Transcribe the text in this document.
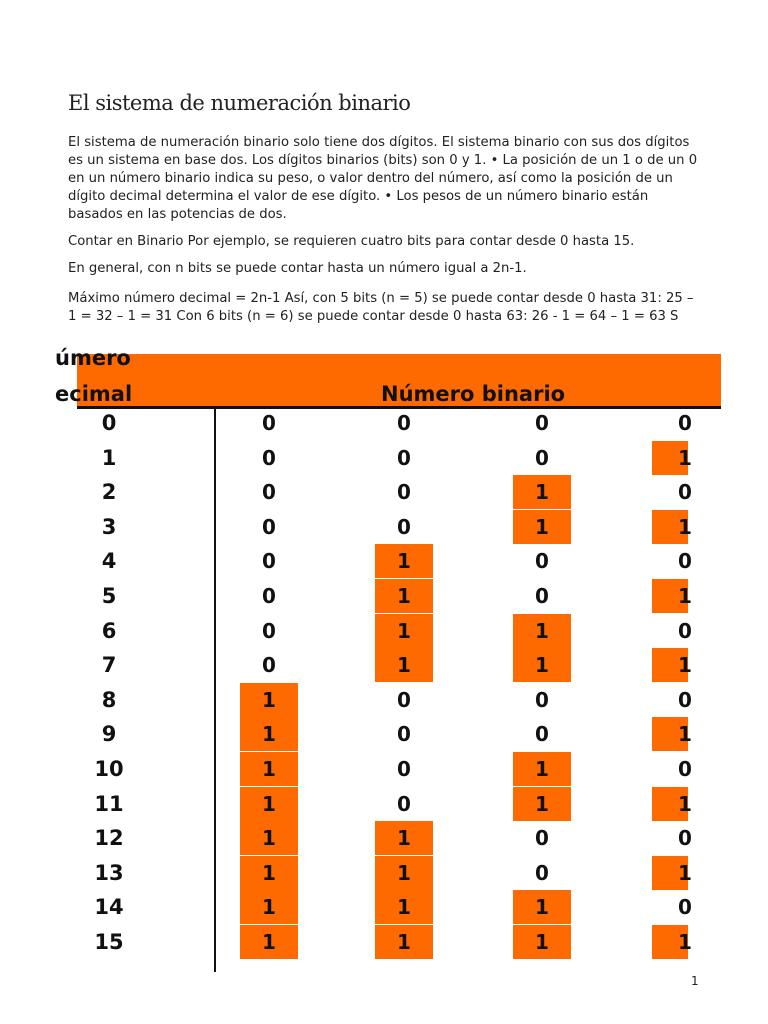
El sistema de numeración binario

El sistema de numeración binario solo tiene dos dígitos. El sistema binario con sus dos dígitos es un sistema en base dos. Los dígitos binarios (bits) son 0 y 1. • La posición de un 1 o de un 0 en un número binario indica su peso, o valor dentro del número, así como la posición de un dígito decimal determina el valor de ese dígito. • Los pesos de un número binario están basados en las potencias de dos.

Contar en Binario Por ejemplo, se requieren cuatro bits para contar desde 0 hasta 15.

En general, con n bits se puede contar hasta un número igual a 2n-1.

Máximo número decimal = 2n-1 Así, con 5 bits (n = 5) se puede contar desde 0 hasta 31: 25 – 1 = 32 – 1 = 31 Con 6 bits (n = 6) se puede contar desde 0 hasta 63: 26 - 1 = 64 – 1 = 63 S

úmero
ecimal	Número binario
0	0	0	0	0
1	0	0	0	1
2	0	0	1	0
3	0	0	1	1
4	0	1	0	0
5	0	1	0	1
6	0	1	1	0
7	0	1	1	1
8	1	0	0	0
9	1	0	0	1
10	1	0	1	0
11	1	0	1	1
12	1	1	0	0
13	1	1	0	1
14	1	1	1	0
15	1	1	1	1
1
